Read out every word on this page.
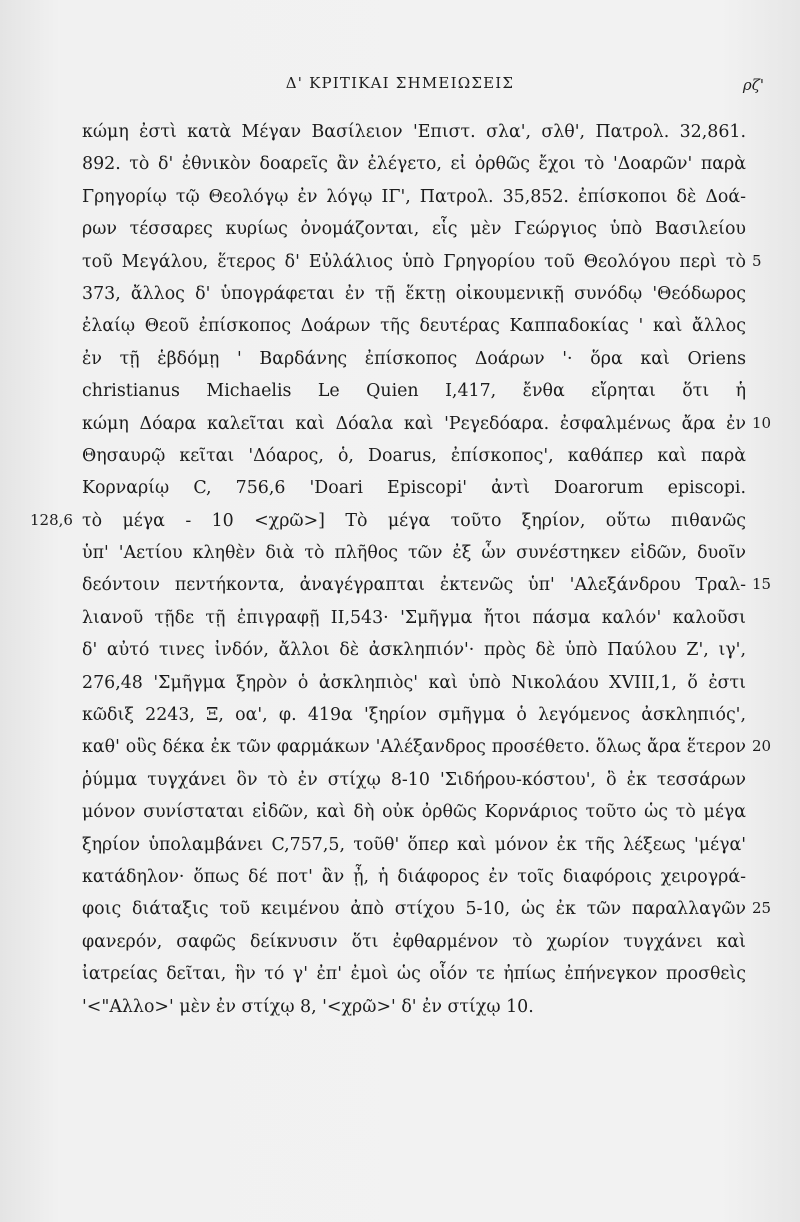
Δ' ΚΡΙΤΙΚΑΙ ΣΗΜΕΙΩΣΕΙΣ	ρζ'
κώμη ἐστὶ κατὰ Μέγαν Βασίλειον 'Επιστ. σλα', σλθ', Πατρολ. 32,861.
892. τὸ δ' ἐθνικὸν δοαρεῖς ἂν ἐλέγετο, εἰ ὀρθῶς ἔχοι τὸ 'Δοαρῶν' παρὰ
Γρηγορίῳ τῷ Θεολόγῳ ἐν λόγῳ ΙΓ', Πατρολ. 35,852. ἐπίσκοποι δὲ Δοά-
ρων τέσσαρες κυρίως ὀνομάζονται, εἷς μὲν Γεώργιος ὑπὸ Βασιλείου
τοῦ Μεγάλου, ἕτερος δ' Εὐλάλιος ὑπὸ Γρηγορίου τοῦ Θεολόγου περὶ τὸ 5
373, ἄλλος δ' ὑπογράφεται ἐν τῇ ἕκτῃ οἰκουμενικῇ συνόδῳ 'Θεόδωρος
ἐλαίῳ Θεοῦ ἐπίσκοπος Δοάρων τῆς δευτέρας Καππαδοκίας ' καὶ ἄλλος
ἐν τῇ ἑβδόμῃ ' Βαρδάνης ἐπίσκοπος Δοάρων '· ὅρα καὶ Oriens
christianus Michaelis Le Quien I,417, ἔνθα εἴρηται ὅτι ἡ
κώμη Δόαρα καλεῖται καὶ Δόαλα καὶ 'Ρεγεδόαρα. ἐσφαλμένως ἄρα ἐν 10
Θησαυρῷ κεῖται 'Δόαρος, ὁ, Doarus, ἐπίσκοπος', καθάπερ καὶ παρὰ
Κορναρίῳ C, 756,6 'Doari Episcopi' ἀντὶ Doarorum episcopi.
128,6 τὸ μέγα - 10 <χρῶ>] Τὸ μέγα τοῦτο ξηρίον, οὕτω πιθανῶς
ὑπ' 'Αετίου κληθὲν διὰ τὸ πλῆθος τῶν ἐξ ὧν συνέστηκεν εἰδῶν, δυοῖν
δεόντοιν πεντήκοντα, ἀναγέγραπται ἐκτενῶς ὑπ' 'Αλεξάνδρου Τραλ- 15
λιανοῦ τῇδε τῇ ἐπιγραφῇ ΙΙ,543· 'Σμῆγμα ἤτοι πάσμα καλόν' καλοῦσι
δ' αὐτό τινες ἰνδόν, ἄλλοι δὲ ἀσκληπιόν'· πρὸς δὲ ὑπὸ Παύλου Ζ', ιγ',
276,48 'Σμῆγμα ξηρὸν ὁ ἀσκληπιὸς' καὶ ὑπὸ Νικολάου XVIII,1, ὅ ἐστι
κῶδιξ 2243, Ξ, οα', φ. 419α 'ξηρίον σμῆγμα ὁ λεγόμενος ἀσκληπιός',
καθ' οὓς δέκα ἐκ τῶν φαρμάκων 'Αλέξανδρος προσέθετο. ὅλως ἄρα ἕτερον 20
ῥύμμα τυγχάνει ὃν τὸ ἐν στίχῳ 8-10 'Σιδήρου-κόστου', ὃ ἐκ τεσσάρων
μόνον συνίσταται εἰδῶν, καὶ δὴ οὐκ ὀρθῶς Κορνάριος τοῦτο ὡς τὸ μέγα
ξηρίον ὑπολαμβάνει C,757,5, τοῦθ' ὅπερ καὶ μόνον ἐκ τῆς λέξεως 'μέγα'
κατάδηλον· ὅπως δέ ποτ' ἂν ᾖ, ἡ διάφορος ἐν τοῖς διαφόροις χειρογρά-
φοις διάταξις τοῦ κειμένου ἀπὸ στίχου 5-10, ὡς ἐκ τῶν παραλλαγῶν 25
φανερόν, σαφῶς δείκνυσιν ὅτι ἐφθαρμένον τὸ χωρίον τυγχάνει καὶ
ἰατρείας δεῖται, ἣν τό γ' ἐπ' ἐμοὶ ὡς οἷόν τε ἠπίως ἐπήνεγκον προσθεὶς
'<"Αλλο>' μὲν ἐν στίχῳ 8, '<χρῶ>' δ' ἐν στίχῳ 10.
